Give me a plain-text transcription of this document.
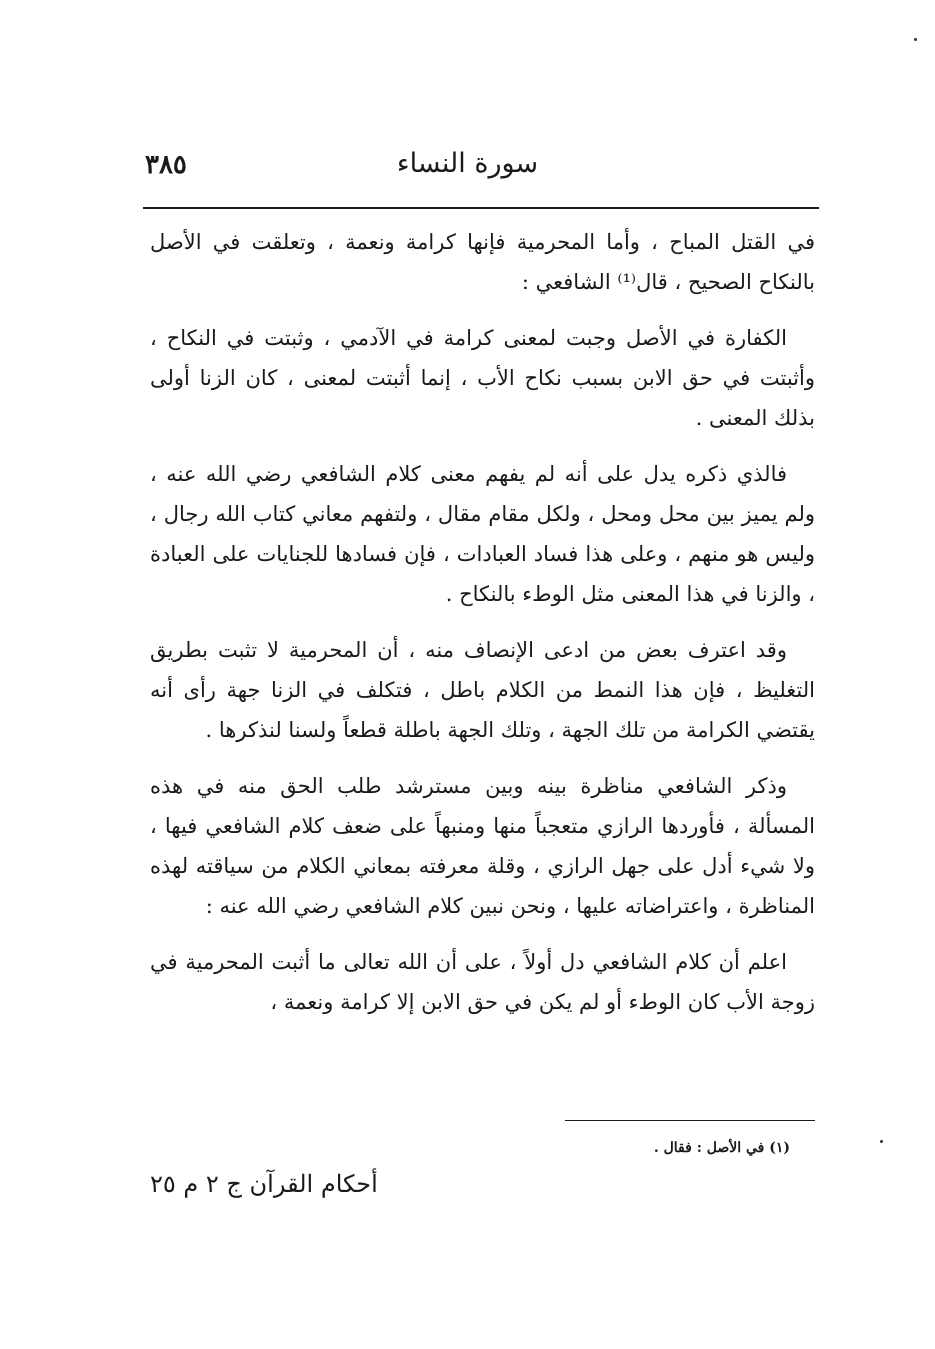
٣٨٥	سورة النساء

في القتل المباح ، وأما المحرمية فإنها كرامة ونعمة ، وتعلقت في الأصل بالنكاح الصحيح ، قال⁽¹⁾ الشافعي :

الكفارة في الأصل وجبت لمعنى كرامة في الآدمي ، وثبتت في النكاح ، وأثبتت في حق الابن بسبب نكاح الأب ، إنما أثبتت لمعنى ، كان الزنا أولى بذلك المعنى .

فالذي ذكره يدل على أنه لم يفهم معنى كلام الشافعي رضي الله عنه ، ولم يميز بين محل ومحل ، ولكل مقام مقال ، ولتفهم معاني كتاب الله رجال ، وليس هو منهم ، وعلى هذا فساد العبادات ، فإن فسادها للجنايات على العبادة ، والزنا في هذا المعنى مثل الوطء بالنكاح .

وقد اعترف بعض من ادعى الإنصاف منه ، أن المحرمية لا تثبت بطريق التغليظ ، فإن هذا النمط من الكلام باطل ، فتكلف في الزنا جهة رأى أنه يقتضي الكرامة من تلك الجهة ، وتلك الجهة باطلة قطعاً ولسنا لنذكرها .

وذكر الشافعي مناظرة بينه وبين مسترشد طلب الحق منه في هذه المسألة ، فأوردها الرازي متعجباً منها ومنبهاً على ضعف كلام الشافعي فيها ، ولا شيء أدل على جهل الرازي ، وقلة معرفته بمعاني الكلام من سياقته لهذه المناظرة ، واعتراضاته عليها ، ونحن نبين كلام الشافعي رضي الله عنه :

اعلم أن كلام الشافعي دل أولاً ، على أن الله تعالى ما أثبت المحرمية في زوجة الأب كان الوطء أو لم يكن في حق الابن إلا كرامة ونعمة ،

(١) في الأصل : فقال .
أحكام القرآن ج ٢ م ٢٥
